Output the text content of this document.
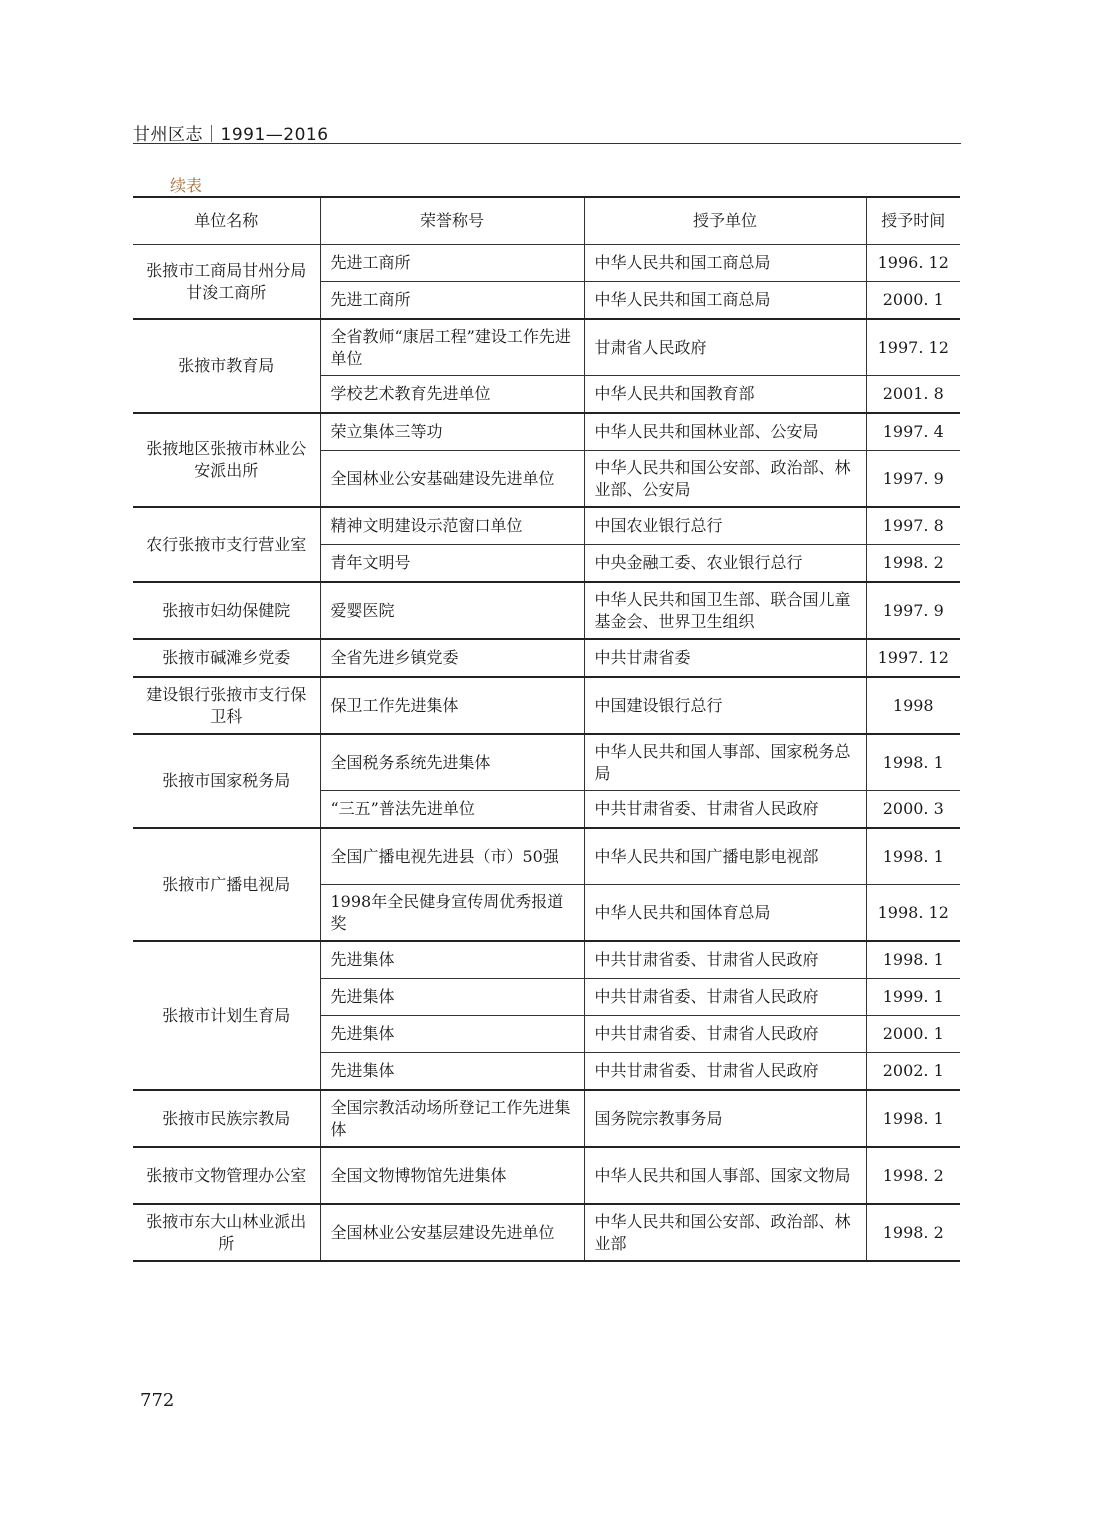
甘州区志｜1991—2016
续表
单位名称	荣誉称号	授予单位	授予时间
张掖市工商局甘州分局甘浚工商所	先进工商所	中华人民共和国工商总局	1996. 12
	先进工商所	中华人民共和国工商总局	2000. 1
张掖市教育局	全省教师“康居工程”建设工作先进单位	甘肃省人民政府	1997. 12
	学校艺术教育先进单位	中华人民共和国教育部	2001. 8
张掖地区张掖市林业公安派出所	荣立集体三等功	中华人民共和国林业部、公安局	1997. 4
	全国林业公安基础建设先进单位	中华人民共和国公安部、政治部、林业部、公安局	1997. 9
农行张掖市支行营业室	精神文明建设示范窗口单位	中国农业银行总行	1997. 8
	青年文明号	中央金融工委、农业银行总行	1998. 2
张掖市妇幼保健院	爱婴医院	中华人民共和国卫生部、联合国儿童基金会、世界卫生组织	1997. 9
张掖市碱滩乡党委	全省先进乡镇党委	中共甘肃省委	1997. 12
建设银行张掖市支行保卫科	保卫工作先进集体	中国建设银行总行	1998
张掖市国家税务局	全国税务系统先进集体	中华人民共和国人事部、国家税务总局	1998. 1
	“三五”普法先进单位	中共甘肃省委、甘肃省人民政府	2000. 3
张掖市广播电视局	全国广播电视先进县（市）50强	中华人民共和国广播电影电视部	1998. 1
	1998年全民健身宣传周优秀报道奖	中华人民共和国体育总局	1998. 12
张掖市计划生育局	先进集体	中共甘肃省委、甘肃省人民政府	1998. 1
	先进集体	中共甘肃省委、甘肃省人民政府	1999. 1
	先进集体	中共甘肃省委、甘肃省人民政府	2000. 1
	先进集体	中共甘肃省委、甘肃省人民政府	2002. 1
张掖市民族宗教局	全国宗教活动场所登记工作先进集体	国务院宗教事务局	1998. 1
张掖市文物管理办公室	全国文物博物馆先进集体	中华人民共和国人事部、国家文物局	1998. 2
张掖市东大山林业派出所	全国林业公安基层建设先进单位	中华人民共和国公安部、政治部、林业部	1998. 2
772
